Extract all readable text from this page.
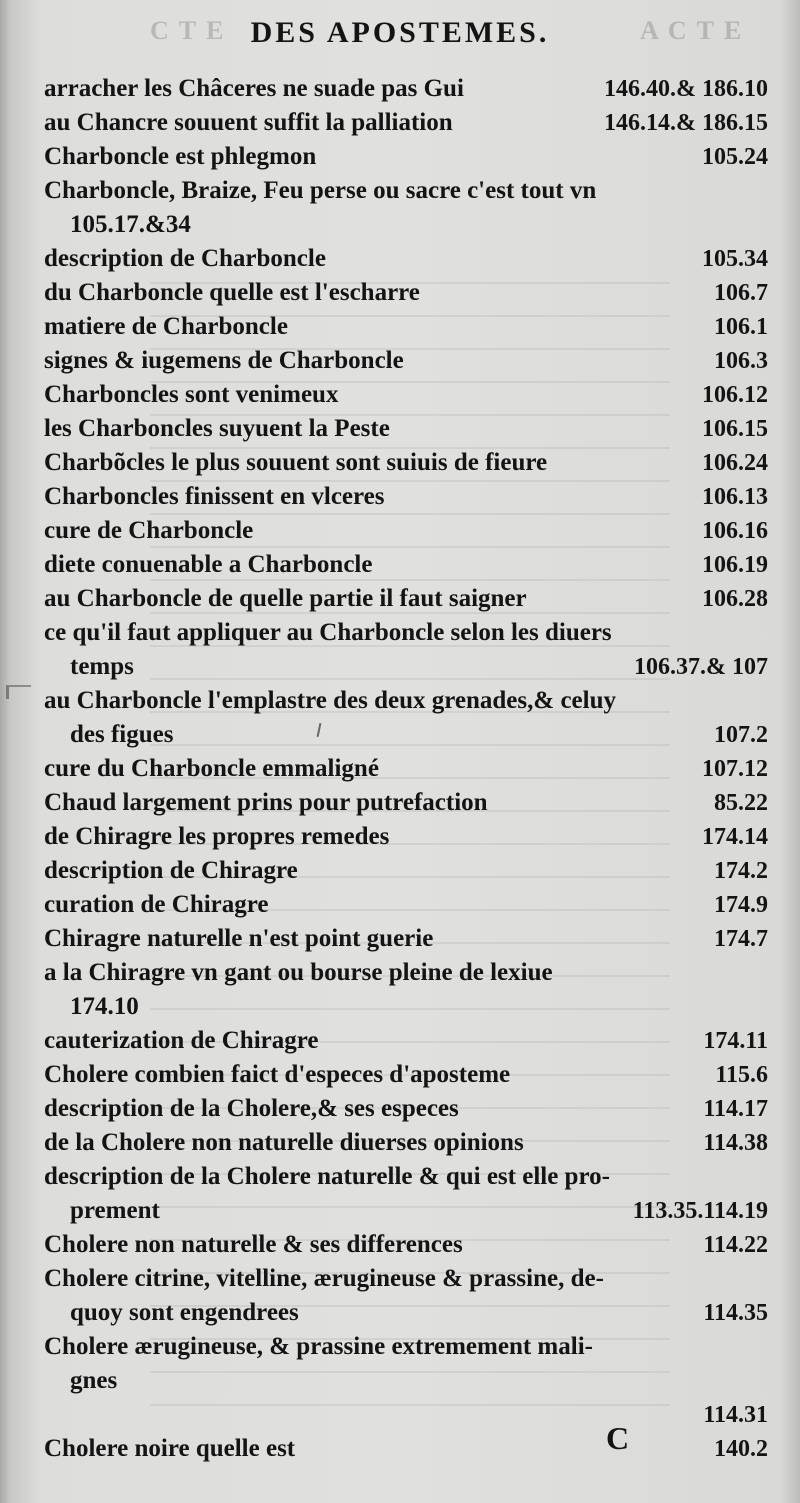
C T E DES APOSTEMES.	A C T E
arracher les Châceres ne suade pas Gui	146.40.& 186.10
au Chancre souuent suffit la palliation	146.14.& 186.15
Charboncle est phlegmon	105.24
Charboncle, Braize, Feu perse ou sacre c'est tout vn
105.17.&34
description de Charboncle	105.34
du Charboncle quelle est l'escharre	106.7
matiere de Charboncle	106.1
signes & iugemens de Charboncle	106.3
Charboncles sont venimeux	106.12
les Charboncles suyuent la Peste	106.15
Charbõcles le plus souuent sont suiuis de fieure	106.24
Charboncles finissent en vlceres	106.13
cure de Charboncle	106.16
diete conuenable a Charboncle	106.19
au Charboncle de quelle partie il faut saigner	106.28
ce qu'il faut appliquer au Charboncle selon les diuers
temps	106.37.& 107
au Charboncle l'emplastre des deux grenades,& celuy
des figues	107.2
cure du Charboncle emmaligné	107.12
Chaud largement prins pour putrefaction	85.22
de Chiragre les propres remedes	174.14
description de Chiragre	174.2
curation de Chiragre	174.9
Chiragre naturelle n'est point guerie	174.7
a la Chiragre vn gant ou bourse pleine de lexiue
174.10
cauterization de Chiragre	174.11
Cholere combien faict d'especes d'aposteme	115.6
description de la Cholere,& ses especes	114.17
de la Cholere non naturelle diuerses opinions	114.38
description de la Cholere naturelle & qui est elle pro-
prement	113.35.114.19
Cholere non naturelle & ses differences	114.22
Cholere citrine, vitelline, ærugineuse & prassine, de-
quoy sont engendrees	114.35
Cholere ærugineuse, & prassine extremement mali-
gnes
114.31
Cholere noire quelle est	140.2
C
